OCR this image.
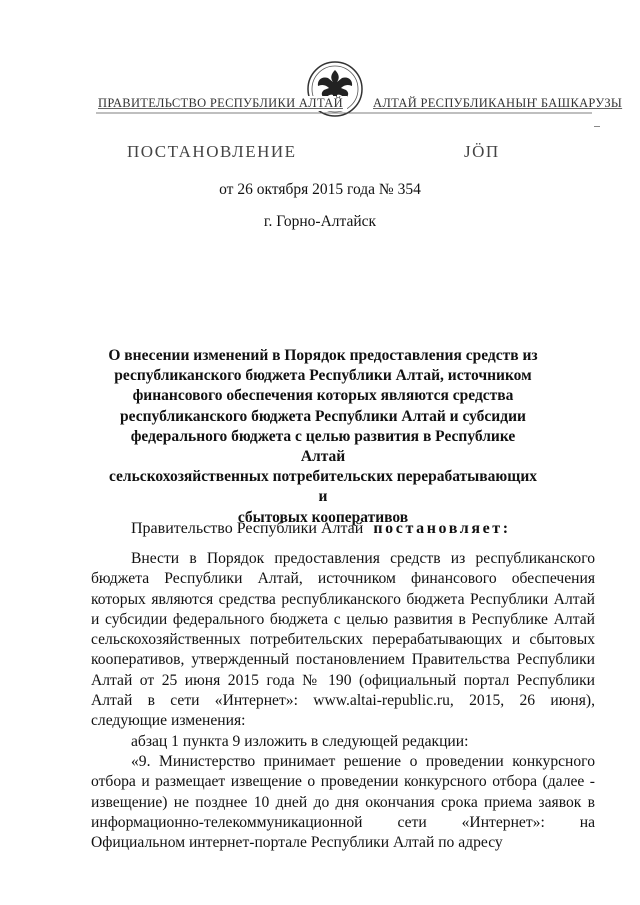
ПРАВИТЕЛЬСТВО РЕСПУБЛИКИ АЛТАЙ	АЛТАЙ РЕСПУБЛИКАНЫҤ БАШКАРУЗЫ
ПОСТАНОВЛЕНИЕ	JӦП
от 26 октября 2015 года № 354
г. Горно-Алтайск
О внесении изменений в Порядок предоставления средств из
республиканского бюджета Республики Алтай, источником
финансового обеспечения которых являются средства
республиканского бюджета Республики Алтай и субсидии
федерального бюджета с целью развития в Республике Алтай
сельскохозяйственных потребительских перерабатывающих и
сбытовых кооперативов
Правительство Республики Алтай постановляет:

Внести в Порядок предоставления средств из республиканского бюджета Республики Алтай, источником финансового обеспечения которых являются средства республиканского бюджета Республики Алтай и субсидии федерального бюджета с целью развития в Республике Алтай сельскохозяйственных потребительских перерабатывающих и сбытовых кооперативов, утвержденный постановлением Правительства Республики Алтай от 25 июня 2015 года № 190 (официальный портал Республики Алтай в сети «Интернет»: www.altai-republic.ru, 2015, 26 июня), следующие изменения:

абзац 1 пункта 9 изложить в следующей редакции:

«9. Министерство принимает решение о проведении конкурсного отбора и размещает извещение о проведении конкурсного отбора (далее - извещение) не позднее 10 дней до дня окончания срока приема заявок в информационно-телекоммуникационной сети «Интернет»: на Официальном интернет-портале Республики Алтай по адресу
